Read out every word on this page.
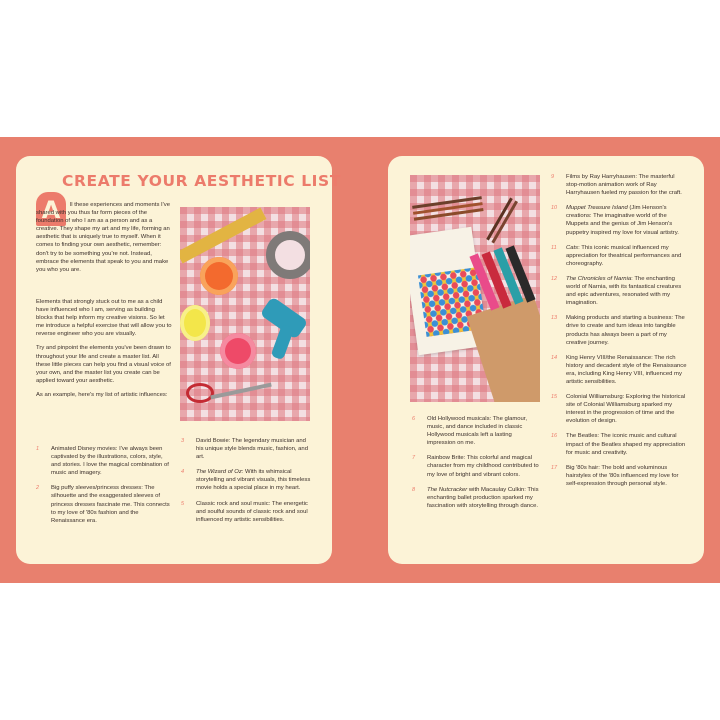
CREATE YOUR AESTHETIC LIST
A	ll these experiences and moments I've shared with you thus far form pieces of the foundation of who I am as a person and as a creative. They shape my art and my life, forming an aesthetic that is uniquely true to myself. When it comes to finding your own aesthetic, remember: don't try to be something you're not. Instead, embrace the elements that speak to you and make you who you are.

Elements that strongly stuck out to me as a child have influenced who I am, serving as building blocks that help inform my creative visions. So let me introduce a helpful exercise that will allow you to reverse engineer who you are visually.

Try and pinpoint the elements you've been drawn to throughout your life and create a master list. All these little pieces can help you find a visual voice of your own, and the master list you create can be applied toward your aesthetic.

As an example, here's my list of artistic influences:

1 Animated Disney movies: I've always been captivated by the illustrations, colors, style, and stories. I love the magical combination of music and imagery.
2 Big puffy sleeves/princess dresses: The silhouette and the exaggerated sleeves of princess dresses fascinate me. This connects to my love of '80s fashion and the Renaissance era.
3 David Bowie: The legendary musician and his unique style blends music, fashion, and art.
4 The Wizard of Oz: With its whimsical storytelling and vibrant visuals, this timeless movie holds a special place in my heart.
5 Classic rock and soul music: The energetic and soulful sounds of classic rock and soul influenced my artistic sensibilities.
6 Old Hollywood musicals: The glamour, music, and dance included in classic Hollywood musicals left a lasting impression on me.
7 Rainbow Brite: This colorful and magical character from my childhood contributed to my love of bright and vibrant colors.
8 The Nutcracker with Macaulay Culkin: This enchanting ballet production sparked my fascination with storytelling through dance.
9 Films by Ray Harryhausen: The masterful stop-motion animation work of Ray Harryhausen fueled my passion for the craft.
10 Muppet Treasure Island (Jim Henson's creations: The imaginative world of the Muppets and the genius of Jim Henson's puppetry inspired my love for visual artistry.
11 Cats: This iconic musical influenced my appreciation for theatrical performances and choreography.
12 The Chronicles of Narnia: The enchanting world of Narnia, with its fantastical creatures and epic adventures, resonated with my imagination.
13 Making products and starting a business: The drive to create and turn ideas into tangible products has always been a part of my creative journey.
14 King Henry VIII/the Renaissance: The rich history and decadent style of the Renaissance era, including King Henry VIII, influenced my artistic sensibilities.
15 Colonial Williamsburg: Exploring the historical site of Colonial Williamsburg sparked my interest in the progression of time and the evolution of design.
16 The Beatles: The iconic music and cultural impact of the Beatles shaped my appreciation for music and creativity.
17 Big '80s hair: The bold and voluminous hairstyles of the '80s influenced my love for self-expression through personal style.
